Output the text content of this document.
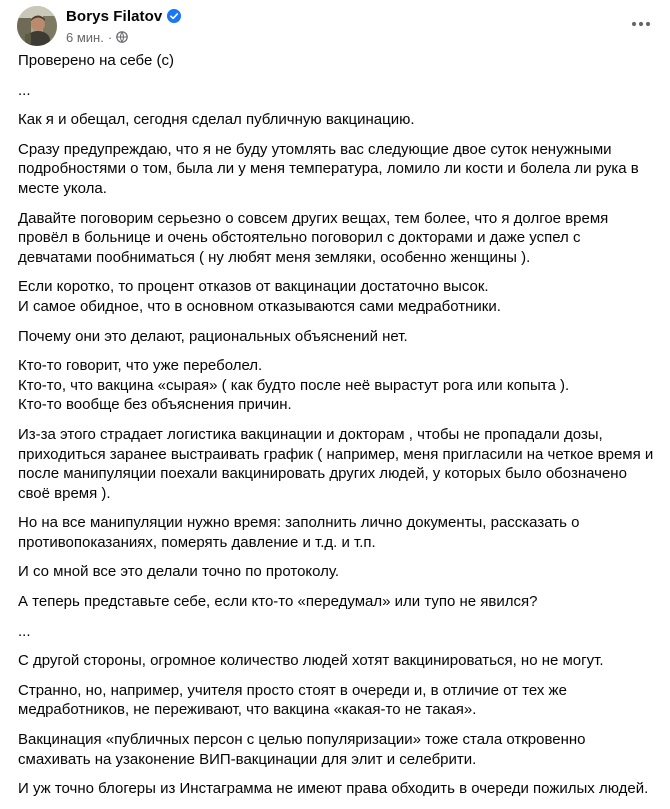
Borys Filatov
6 мин. ·

Проверено на себе (с)

...

Как я и обещал, сегодня сделал публичную вакцинацию.

Сразу предупреждаю, что я не буду утомлять вас следующие двое суток ненужными подробностями о том, была ли у меня температура, ломило ли кости и болела ли рука в месте укола.

Давайте поговорим серьезно о совсем других вещах, тем более, что я долгое время провёл в больнице и очень обстоятельно поговорил с докторами и даже успел с девчатами пообниматься ( ну любят меня земляки, особенно женщины ).

Если коротко, то процент отказов от вакцинации достаточно высок.
И самое обидное, что в основном отказываются сами медработники.

Почему они это делают, рациональных объяснений нет.

Кто-то говорит, что уже переболел.
Кто-то, что вакцина «сырая» ( как будто после неё вырастут рога или копыта ).
Кто-то вообще без объяснения причин.

Из-за этого страдает логистика вакцинации и докторам , чтобы не пропадали дозы, приходиться заранее выстраивать график ( например, меня пригласили на четкое время и после манипуляции поехали вакцинировать других людей, у которых было обозначено своё время ).

Но на все манипуляции нужно время: заполнить лично документы, рассказать о противопоказаниях, померять давление и т.д. и т.п.

И со мной все это делали точно по протоколу.

А теперь представьте себе, если кто-то «передумал» или тупо не явился?

...

С другой стороны, огромное количество людей хотят вакцинироваться, но не могут.

Странно, но, например, учителя просто стоят в очереди и, в отличие от тех же медработников, не переживают, что вакцина «какая-то не такая».

Вакцинация «публичных персон с целью популяризации» тоже стала откровенно смахивать на узаконение ВИП-вакцинации для элит и селебрити.

И уж точно блогеры из Инстаграмма не имеют права обходить в очереди пожилых людей.
